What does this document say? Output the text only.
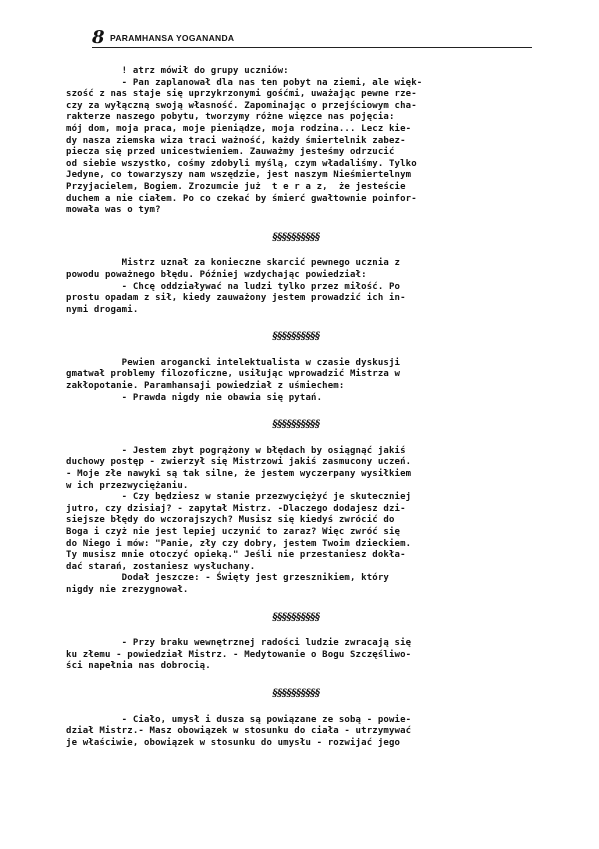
8 PARAMHANSA YOGANANDA
! atrz mówił do grupy uczniów:
- Pan zaplanował dla nas ten pobyt na ziemi, ale więk-
szość z nas staje się uprzykrzonymi gośćmi, uważając pewne rze-
czy za wyłączną swoją własność. Zapominając o przejściowym cha-
rakterze naszego pobytu, tworzymy różne więzce nas pojęcia:
mój dom, moja praca, moje pieniądze, moja rodzina... Lecz kie-
dy nasza ziemska wiza traci ważność, każdy śmiertelnik zabez-
piecza się przed unicestwieniem. Zauważmy jesteśmy odrzucić
od siebie wszystko, cośmy zdobyli myślą, czym władaliśmy. Tylko
Jedyne, co towarzyszy nam wszędzie, jest naszym Nieśmiertelnym
Przyjacielem, Bogiem. Zrozumcie już  t e r a z,  że jesteście
duchem a nie ciałem. Po co czekać by śmierć gwałtownie poinfor-
mowała was o tym?
§§§§§§§§§§
Mistrz uznał za konieczne skarcić pewnego ucznia z
powodu poważnego błędu. Później wzdychając powiedział:
- Chcę oddziaływać na ludzi tylko przez miłość. Po
prostu opadam z sił, kiedy zauważony jestem prowadzić ich in-
nymi drogami.
§§§§§§§§§§
Pewien arogancki intelektualista w czasie dyskusji
gmatwał problemy filozoficzne, usiłując wprowadzić Mistrza w
zakłopotanie. Paramhansaji powiedział z uśmiechem:
- Prawda nigdy nie obawia się pytań.
§§§§§§§§§§
- Jestem zbyt pogrążony w błędach by osiągnąć jakiś
duchowy postęp - zwierzył się Mistrzowi jakiś zasmucony uczeń.
- Moje złe nawyki są tak silne, że jestem wyczerpany wysiłkiem
w ich przezwyciężaniu.
- Czy będziesz w stanie przezwyciężyć je skuteczniej
jutro, czy dzisiaj? - zapytał Mistrz. -Dlaczego dodajesz dzi-
siejsze błędy do wczorajszych? Musisz się kiedyś zwrócić do
Boga i czyż nie jest lepiej uczynić to zaraz? Więc zwróć się
do Niego i mów: "Panie, zły czy dobry, jestem Twoim dzieckiem.
Ty musisz mnie otoczyć opieką." Jeśli nie przestaniesz dokła-
dać starań, zostaniesz wysłuchany.
Dodał jeszcze: - Święty jest grzesznikiem, który
nigdy nie zrezygnował.
§§§§§§§§§§
- Przy braku wewnętrznej radości ludzie zwracają się
ku złemu - powiedział Mistrz. - Medytowanie o Bogu Szczęśliwo-
ści napełnia nas dobrocią.
§§§§§§§§§§
- Ciało, umysł i dusza są powiązane ze sobą - powie-
dział Mistrz.- Masz obowiązek w stosunku do ciała - utrzymywać
je właściwie, obowiązek w stosunku do umysłu - rozwijać jego
